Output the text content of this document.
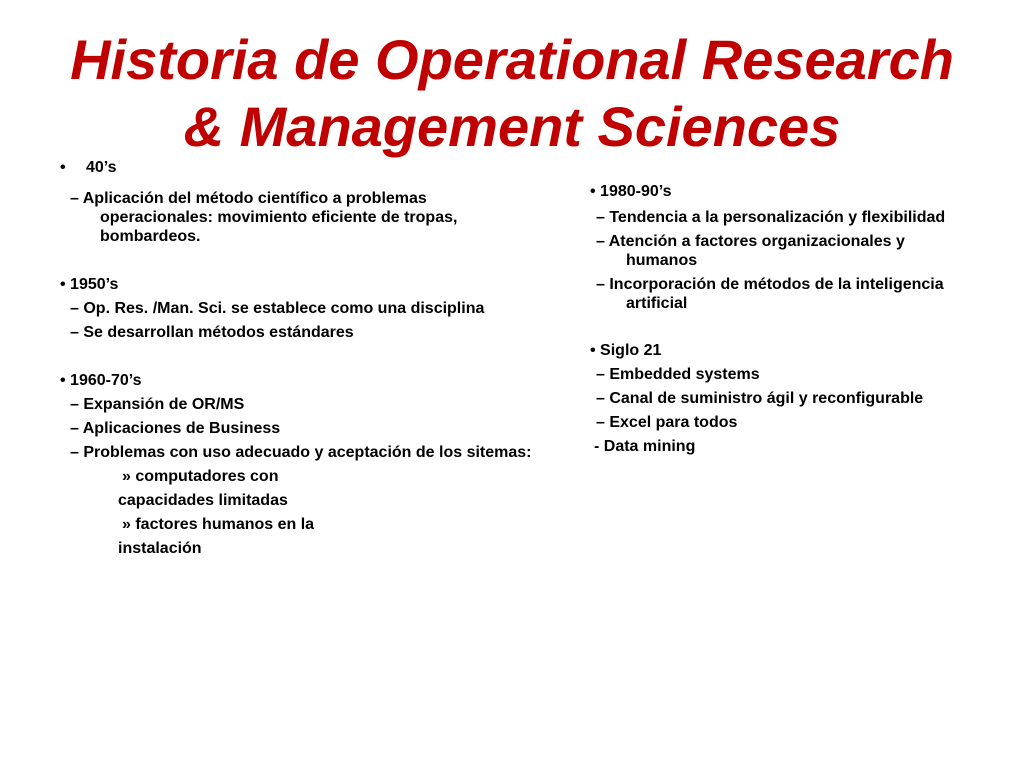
Historia de Operational Research
& Management Sciences
• 40’s
– Aplicación del método científico a problemas
operacionales: movimiento eficiente de tropas,
bombardeos.
• 1950’s
– Op. Res. /Man. Sci. se establece como una disciplina
– Se desarrollan métodos estándares
• 1960-70’s
– Expansión de OR/MS
– Aplicaciones de Business
– Problemas con uso adecuado y aceptación de los sitemas:
» computadores con
capacidades limitadas
» factores humanos en la
instalación
• 1980-90’s
– Tendencia a la personalización y flexibilidad
– Atención a factores organizacionales y
humanos
– Incorporación de métodos de la inteligencia
artificial
• Siglo 21
– Embedded systems
– Canal de suministro ágil y reconfigurable
– Excel para todos
- Data mining
